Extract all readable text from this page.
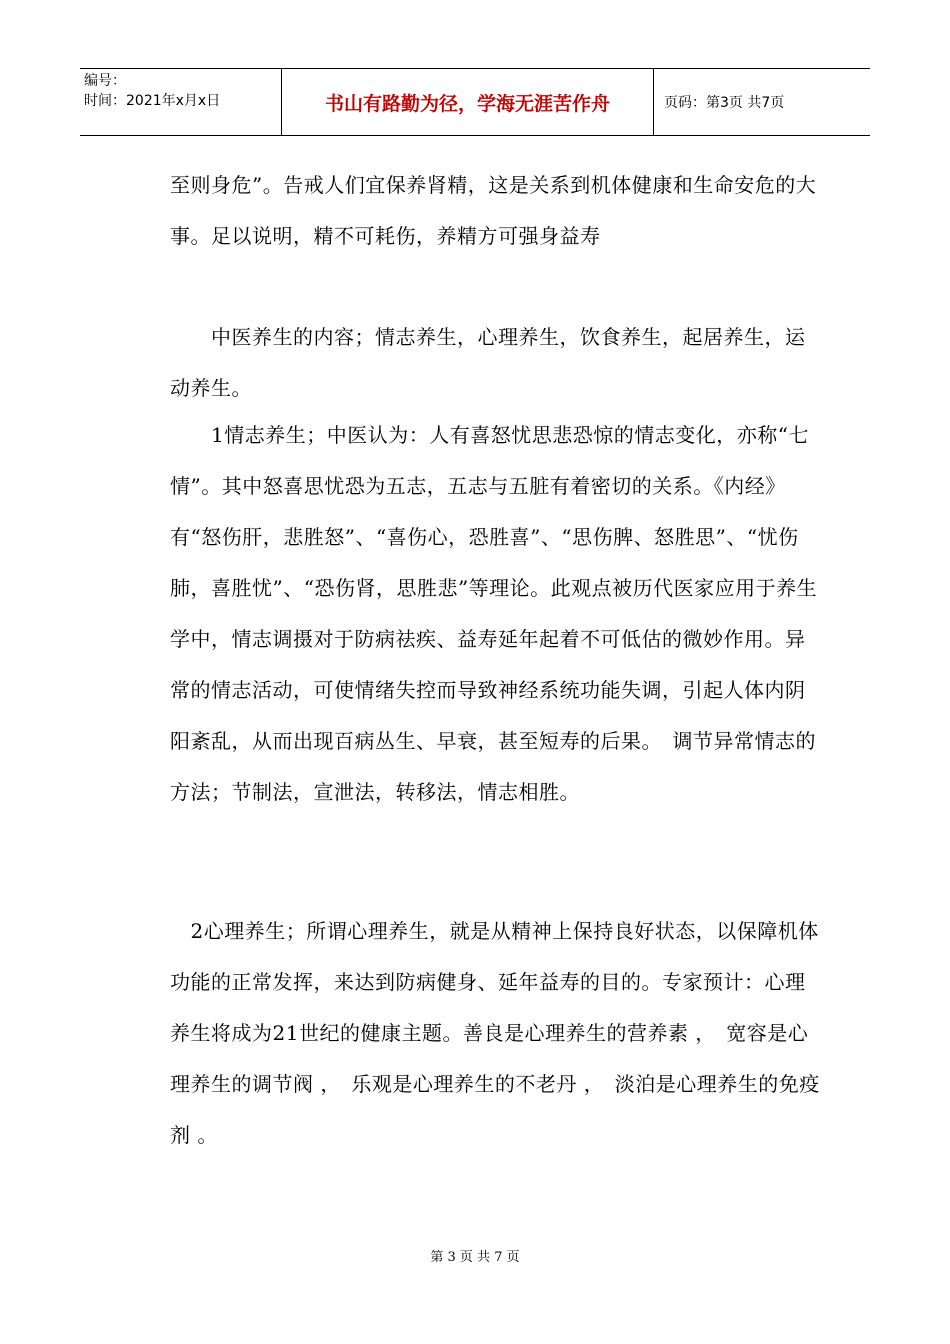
编号：
时间：2021年x月x日	书山有路勤为径，学海无涯苦作舟	页码：第3页 共7页

至则身危”。告戒人们宜保养肾精，这是关系到机体健康和生命安危的大事。足以说明，精不可耗伤，养精方可强身益寿

　　中医养生的内容；情志养生，心理养生，饮食养生，起居养生，运动养生。

　　1情志养生；中医认为：人有喜怒忧思悲恐惊的情志变化，亦称“七情”。其中怒喜思忧恐为五志，五志与五脏有着密切的关系。《内经》有“怒伤肝，悲胜怒”、“喜伤心，恐胜喜”、“思伤脾、怒胜思”、“忧伤肺，喜胜忧”、“恐伤肾，思胜悲”等理论。此观点被历代医家应用于养生学中，情志调摄对于防病祛疾、益寿延年起着不可低估的微妙作用。异常的情志活动，可使情绪失控而导致神经系统功能失调，引起人体内阴阳紊乱，从而出现百病丛生、早衰，甚至短寿的后果。　调节异常情志的方法；节制法，宣泄法，转移法，情志相胜。

　2心理养生；所谓心理养生，就是从精神上保持良好状态，以保障机体功能的正常发挥，来达到防病健身、延年益寿的目的。专家预计：心理养生将成为21世纪的健康主题。善良是心理养生的营养素 ，　宽容是心理养生的调节阀 ，　乐观是心理养生的不老丹 ，　淡泊是心理养生的免疫剂 。

第 3 页 共 7 页
